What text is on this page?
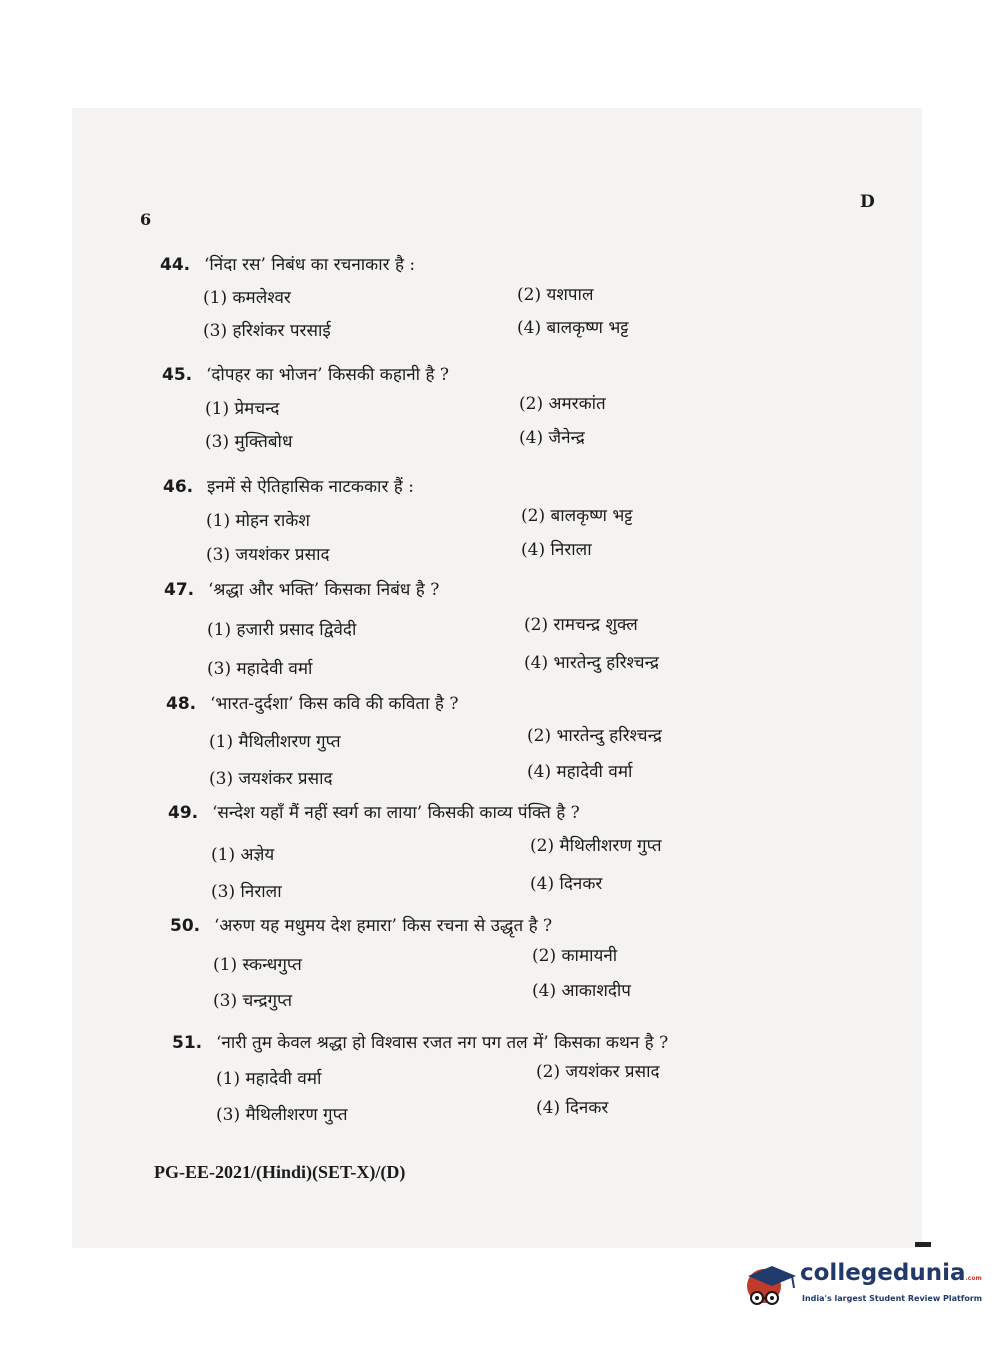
6
D
44. ‘निंदा रस’ निबंध का रचनाकार है :
(1) कमलेश्वर	(2) यशपाल
(3) हरिशंकर परसाई	(4) बालकृष्ण भट्ट
45. ‘दोपहर का भोजन’ किसकी कहानी है ?
(1) प्रेमचन्द	(2) अमरकांत
(3) मुक्तिबोध	(4) जैनेन्द्र
46. इनमें से ऐतिहासिक नाटककार हैं :
(1) मोहन राकेश	(2) बालकृष्ण भट्ट
(3) जयशंकर प्रसाद	(4) निराला
47. ‘श्रद्धा और भक्ति’ किसका निबंध है ?
(1) हजारी प्रसाद द्विवेदी	(2) रामचन्द्र शुक्ल
(3) महादेवी वर्मा	(4) भारतेन्दु हरिश्चन्द्र
48. ‘भारत-दुर्दशा’ किस कवि की कविता है ?
(1) मैथिलीशरण गुप्त	(2) भारतेन्दु हरिश्चन्द्र
(3) जयशंकर प्रसाद	(4) महादेवी वर्मा
49. ‘सन्देश यहाँ मैं नहीं स्वर्ग का लाया’ किसकी काव्य पंक्ति है ?
(1) अज्ञेय	(2) मैथिलीशरण गुप्त
(3) निराला	(4) दिनकर
50. ‘अरुण यह मधुमय देश हमारा’ किस रचना से उद्धृत है ?
(1) स्कन्धगुप्त	(2) कामायनी
(3) चन्द्रगुप्त	(4) आकाशदीप
51. ‘नारी तुम केवल श्रद्धा हो विश्वास रजत नग पग तल में’ किसका कथन है ?
(1) महादेवी वर्मा	(2) जयशंकर प्रसाद
(3) मैथिलीशरण गुप्त	(4) दिनकर
PG-EE-2021/(Hindi)(SET-X)/(D)
collegedunia.com
India's largest Student Review Platform
